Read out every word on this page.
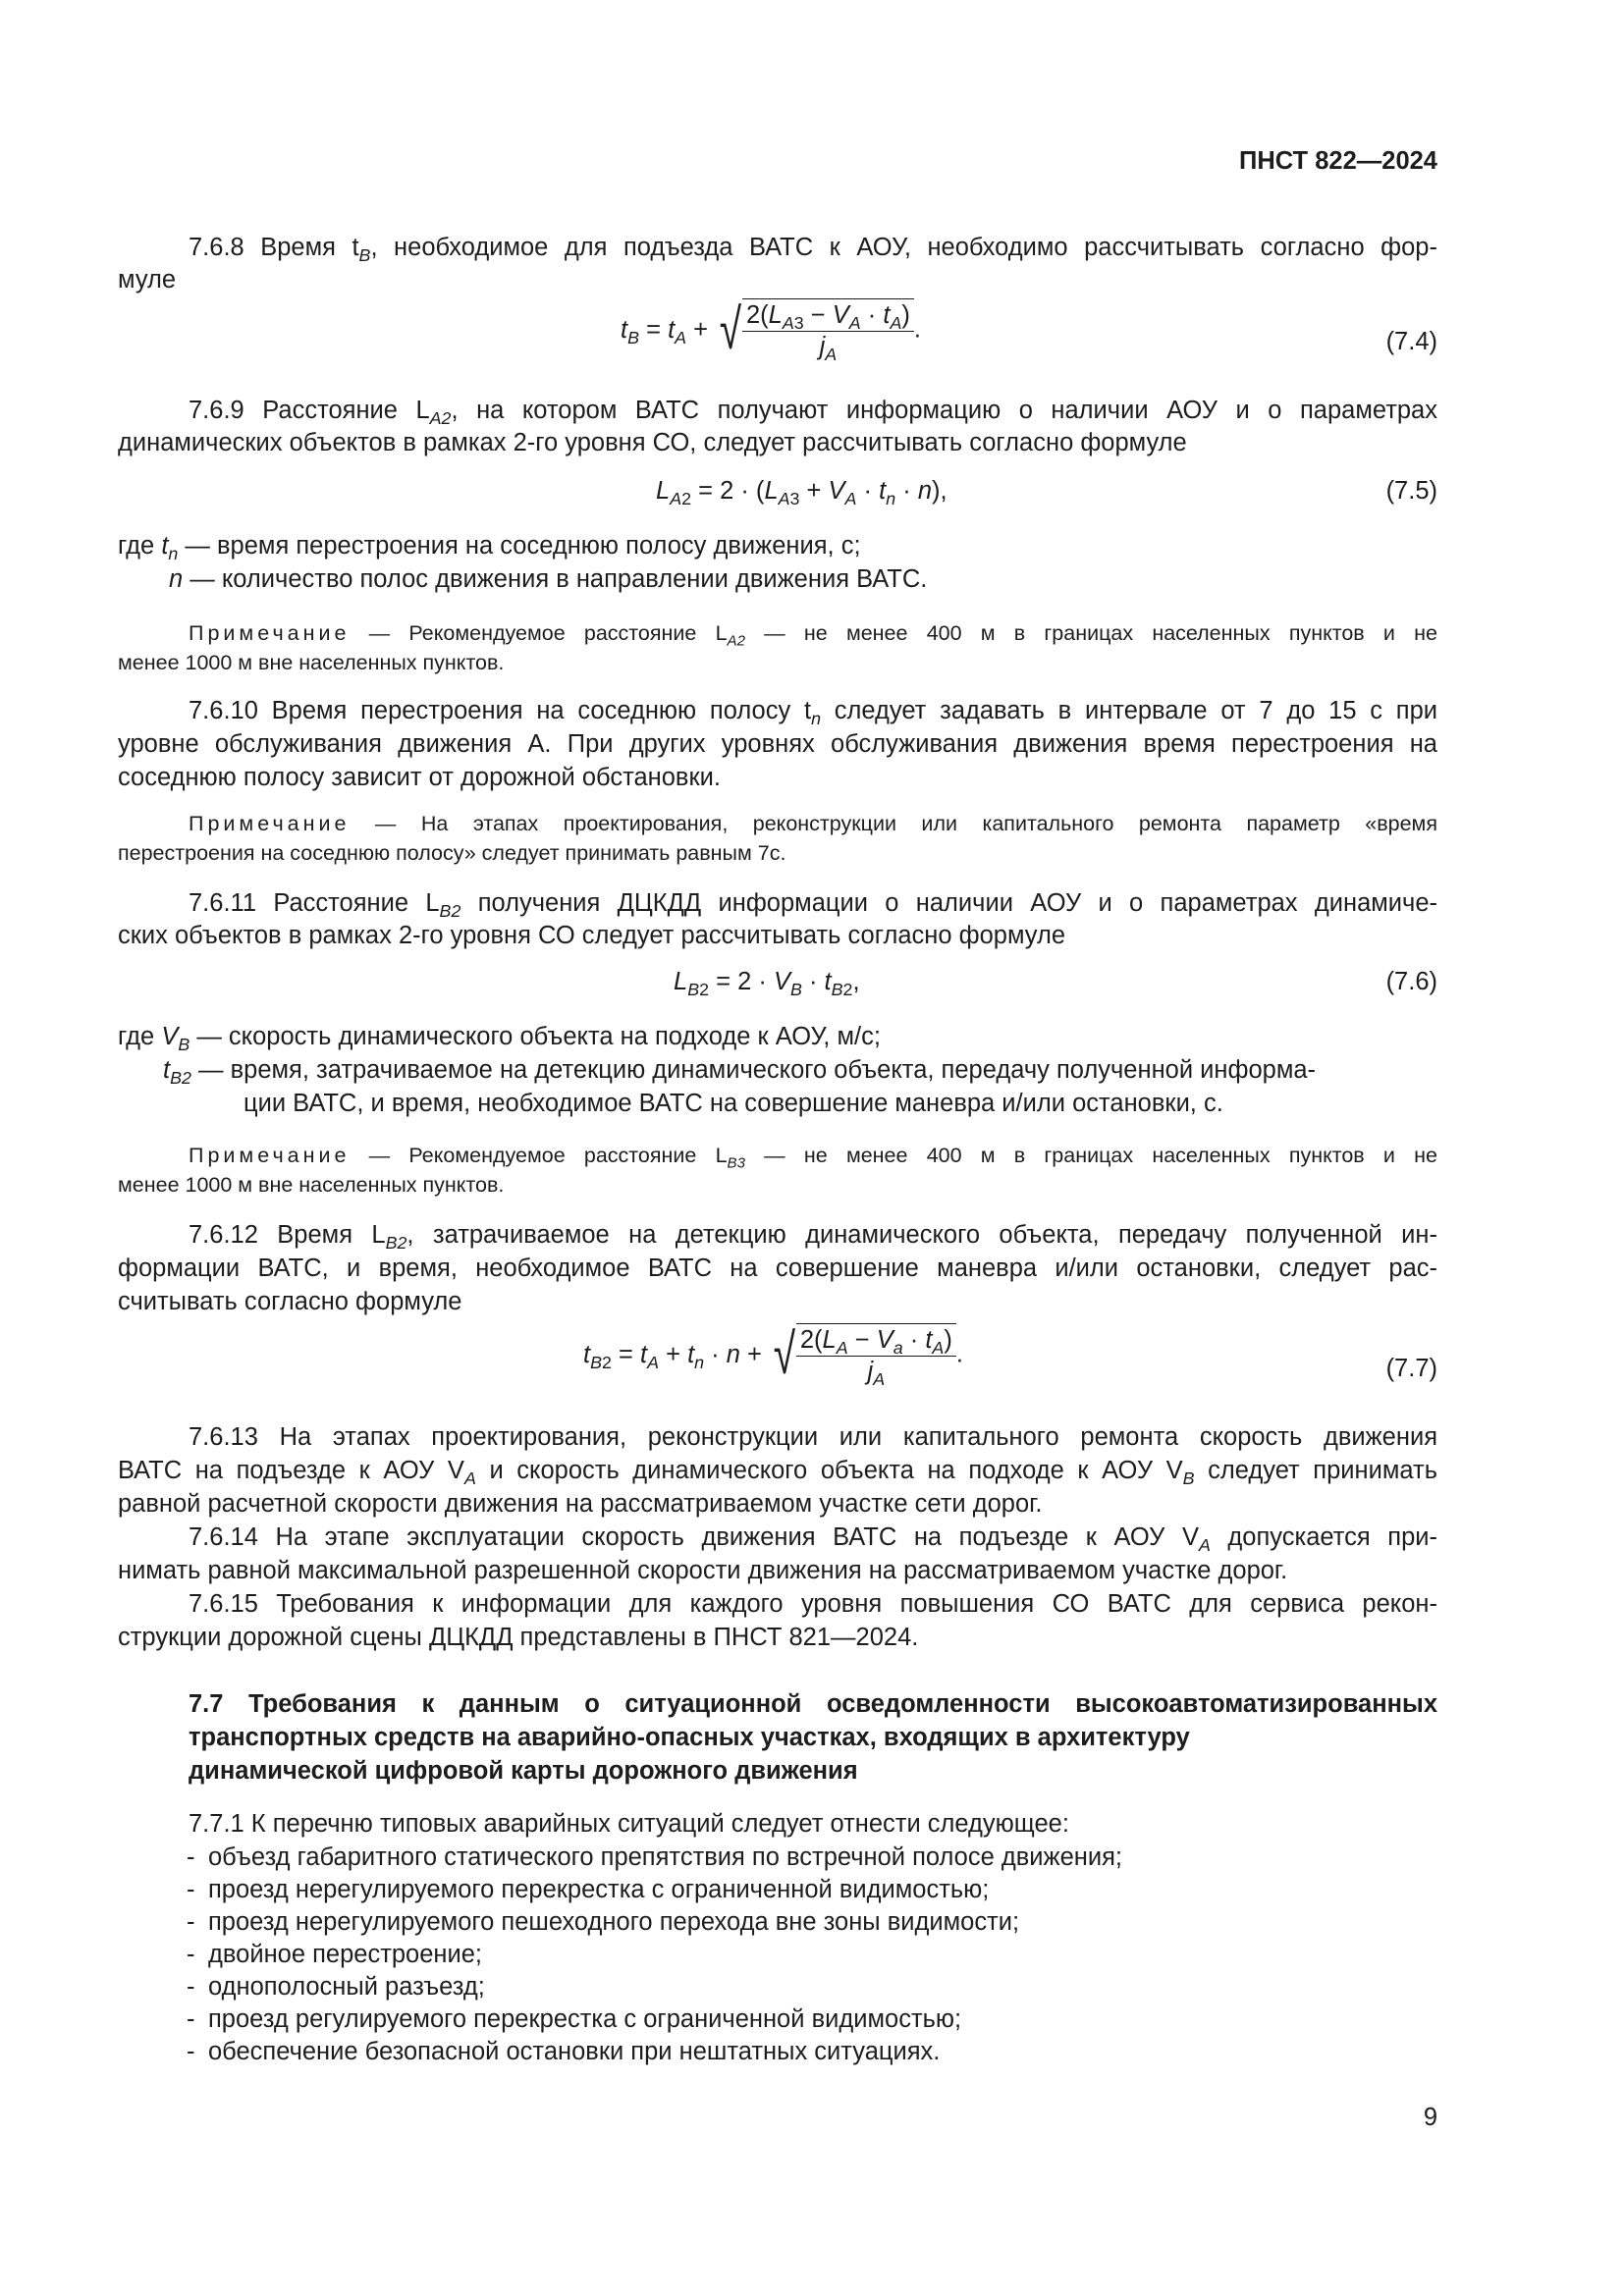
ПНСТ 822—2024
7.6.8 Время $t_B$, необходимое для подъезда ВАТС к АОУ, необходимо рассчитывать согласно фор-
муле
$t_B = t_A$ + √ $\frac{2(L_{A3} - V_A \cdot t_A)}{j_A}$ .	(7.4)
7.6.9 Расстояние $L_{A2}$, на котором ВАТС получают информацию о наличии АОУ и о параметрах
динамических объектов в рамках 2-го уровня СО, следует рассчитывать согласно формуле
$L_{A2} = 2 \cdot (L_{A3} + V_A \cdot t_n \cdot n)$,	(7.5)
где $t_n$ — время перестроения на соседнюю полосу движения, с;
n — количество полос движения в направлении движения ВАТС.
Примечание — Рекомендуемое расстояние $L_{A2}$ — не менее 400 м в границах населенных пунктов и не
менее 1000 м вне населенных пунктов.
7.6.10 Время перестроения на соседнюю полосу $t_n$ следует задавать в интервале от 7 до 15 с при
уровне обслуживания движения А. При других уровнях обслуживания движения время перестроения на
соседнюю полосу зависит от дорожной обстановки.
Примечание — На этапах проектирования, реконструкции или капитального ремонта параметр «время
перестроения на соседнюю полосу» следует принимать равным 7с.
7.6.11 Расстояние $L_{B2}$ получения ДЦКДД информации о наличии АОУ и о параметрах динамиче-
ских объектов в рамках 2-го уровня СО следует рассчитывать согласно формуле
$L_{B2} = 2 \cdot V_B \cdot t_{B2}$,	(7.6)
где $V_B$ — скорость динамического объекта на подходе к АОУ, м/с;
$t_{B2}$ — время, затрачиваемое на детекцию динамического объекта, передачу полученной информа-
ции ВАТС, и время, необходимое ВАТС на совершение маневра и/или остановки, с.
Примечание — Рекомендуемое расстояние $L_{B3}$ — не менее 400 м в границах населенных пунктов и не
менее 1000 м вне населенных пунктов.
7.6.12 Время $L_{B2}$, затрачиваемое на детекцию динамического объекта, передачу полученной ин-
формации ВАТС, и время, необходимое ВАТС на совершение маневра и/или остановки, следует рас-
считывать согласно формуле
$t_{B2} = t_A + t_n \cdot n$ + √ $\frac{2(L_A - V_a \cdot t_A)}{j_A}$ .
(7.7)
7.6.13 На этапах проектирования, реконструкции или капитального ремонта скорость движения
ВАТС на подъезде к АОУ $V_A$ и скорость динамического объекта на подходе к АОУ $V_B$ следует принимать
равной расчетной скорости движения на рассматриваемом участке сети дорог.
7.6.14 На этапе эксплуатации скорость движения ВАТС на подъезде к АОУ $V_A$ допускается при-
нимать равной максимальной разрешенной скорости движения на рассматриваемом участке дорог.
7.6.15 Требования к информации для каждого уровня повышения СО ВАТС для сервиса рекон-
струкции дорожной сцены ДЦКДД представлены в ПНСТ 821—2024.
7.7 Требования к данным о ситуационной осведомленности высокоавтоматизированных
транспортных средств на аварийно-опасных участках, входящих в архитектуру
динамической цифровой карты дорожного движения
7.7.1 К перечню типовых аварийных ситуаций следует отнести следующее:
- объезд габаритного статического препятствия по встречной полосе движения;
- проезд нерегулируемого перекрестка с ограниченной видимостью;
- проезд нерегулируемого пешеходного перехода вне зоны видимости;
- двойное перестроение;
- однополосный разъезд;
- проезд регулируемого перекрестка с ограниченной видимостью;
- обеспечение безопасной остановки при нештатных ситуациях.
9
